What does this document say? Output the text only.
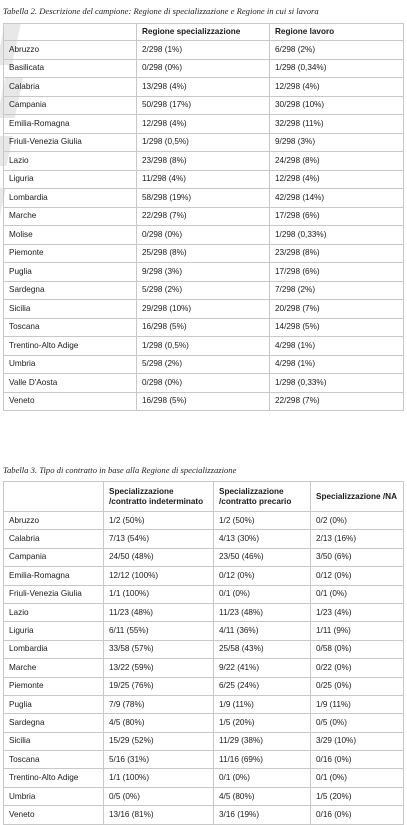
Tabella 2. Descrizione del campione: Regione di specializzazione e Regione in cui si lavora
	Regione specializzazione	Regione lavoro
Abruzzo	2/298 (1%)	6/298 (2%)
Basilicata	0/298 (0%)	1/298 (0,34%)
Calabria	13/298 (4%)	12/298 (4%)
Campania	50/298 (17%)	30/298 (10%)
Emilia-Romagna	12/298 (4%)	32/298 (11%)
Friuli-Venezia Giulia	1/298 (0,5%)	9/298 (3%)
Lazio	23/298 (8%)	24/298 (8%)
Liguria	11/298 (4%)	12/298 (4%)
Lombardia	58/298 (19%)	42/298 (14%)
Marche	22/298 (7%)	17/298 (6%)
Molise	0/298 (0%)	1/298 (0,33%)
Piemonte	25/298 (8%)	23/298 (8%)
Puglia	9/298 (3%)	17/298 (6%)
Sardegna	5/298 (2%)	7/298 (2%)
Sicilia	29/298 (10%)	20/298 (7%)
Toscana	16/298 (5%)	14/298 (5%)
Trentino-Alto Adige	1/298 (0,5%)	4/298 (1%)
Umbria	5/298 (2%)	4/298 (1%)
Valle D'Aosta	0/298 (0%)	1/298 (0,33%)
Veneto	16/298 (5%)	22/298 (7%)
Tabella 3. Tipo di contratto in base alla Regione di specializzazione
	Specializzazione /contratto indeterminato	Specializzazione /contratto precario	Specializzazione /NA
Abruzzo	1/2 (50%)	1/2 (50%)	0/2 (0%)
Calabria	7/13 (54%)	4/13 (30%)	2/13 (16%)
Campania	24/50 (48%)	23/50 (46%)	3/50 (6%)
Emilia-Romagna	12/12 (100%)	0/12 (0%)	0/12 (0%)
Friuli-Venezia Giulia	1/1 (100%)	0/1 (0%)	0/1 (0%)
Lazio	11/23 (48%)	11/23 (48%)	1/23 (4%)
Liguria	6/11 (55%)	4/11 (36%)	1/11 (9%)
Lombardia	33/58 (57%)	25/58 (43%)	0/58 (0%)
Marche	13/22 (59%)	9/22 (41%)	0/22 (0%)
Piemonte	19/25 (76%)	6/25 (24%)	0/25 (0%)
Puglia	7/9 (78%)	1/9 (11%)	1/9 (11%)
Sardegna	4/5 (80%)	1/5 (20%)	0/5 (0%)
Sicilia	15/29 (52%)	11/29 (38%)	3/29 (10%)
Toscana	5/16 (31%)	11/16 (69%)	0/16 (0%)
Trentino-Alto Adige	1/1 (100%)	0/1 (0%)	0/1 (0%)
Umbria	0/5 (0%)	4/5 (80%)	1/5 (20%)
Veneto	13/16 (81%)	3/16 (19%)	0/16 (0%)
